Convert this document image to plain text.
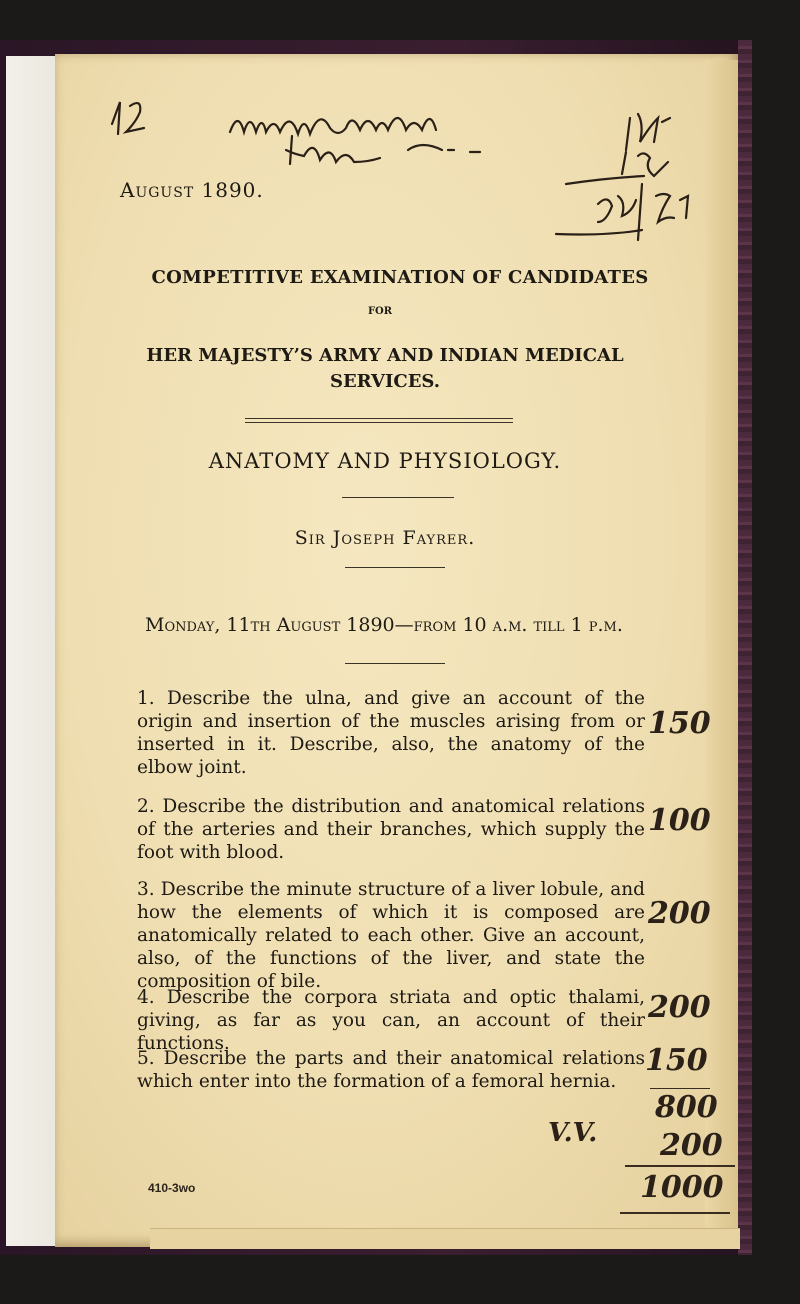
August 1890.
COMPETITIVE EXAMINATION OF CANDIDATES
FOR
HER MAJESTY’S ARMY AND INDIAN MEDICAL
SERVICES.
ANATOMY AND PHYSIOLOGY.
Sir Joseph Fayrer.
Monday, 11th August 1890—from 10 a.m. till 1 p.m.
1. Describe the ulna, and give an account of the origin and insertion of the muscles arising from or inserted in it. Describe, also, the anatomy of the elbow joint.
2. Describe the distribution and anatomical relations of the arteries and their branches, which supply the foot with blood.
3. Describe the minute structure of a liver lobule, and how the elements of which it is composed are anatomically related to each other. Give an account, also, of the functions of the liver, and state the composition of bile.
4. Describe the corpora striata and optic thalami, giving, as far as you can, an account of their functions.
5. Describe the parts and their anatomical relations which enter into the formation of a femoral hernia.
150
100
200
200
150
800
V.V. 200
1000
410-3wo
